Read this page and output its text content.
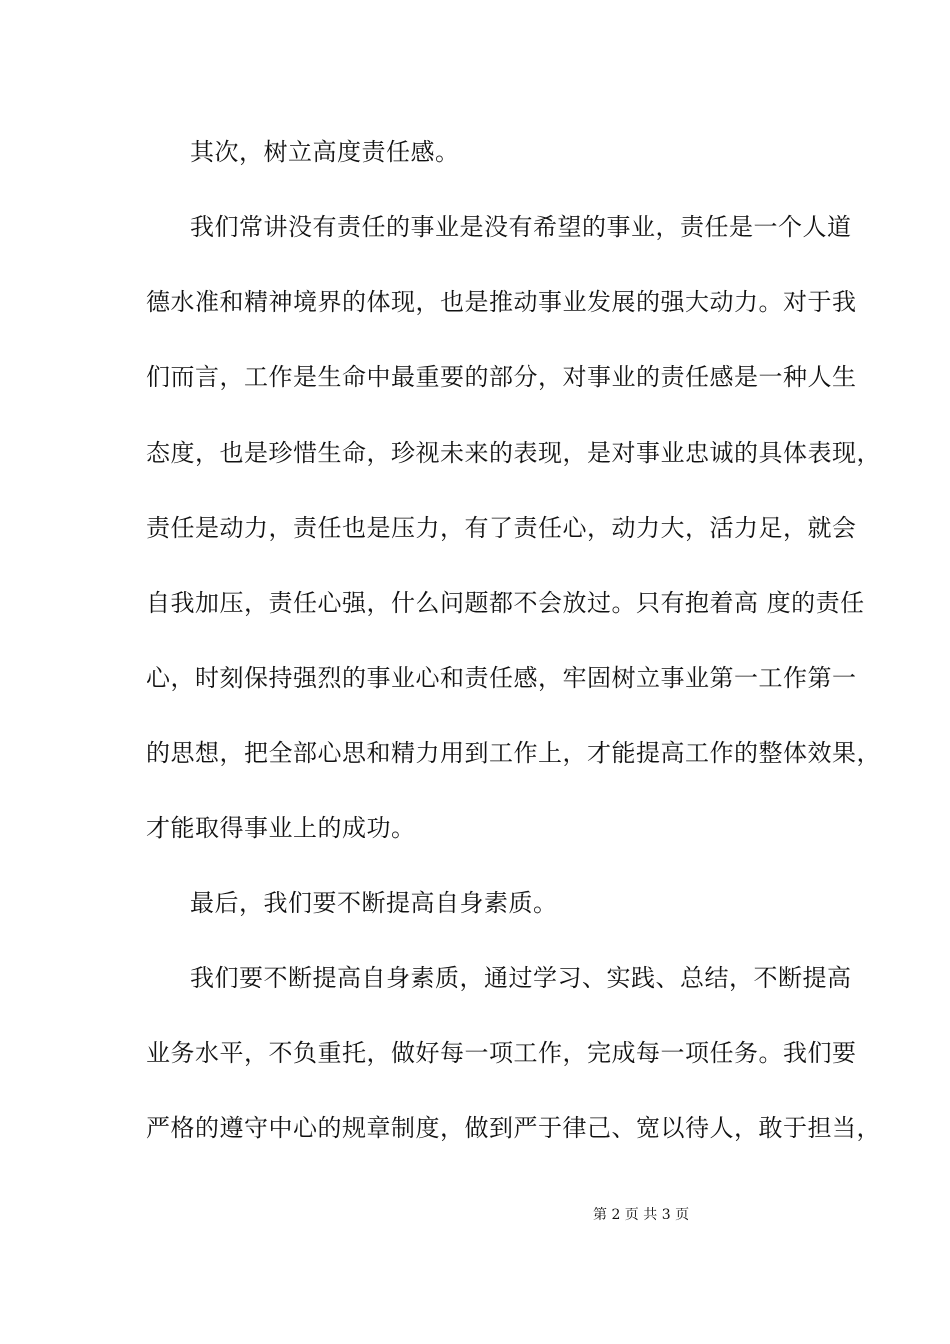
其次，树立高度责任感。
我们常讲没有责任的事业是没有希望的事业，责任是一个人道
德水准和精神境界的体现，也是推动事业发展的强大动力。对于我
们而言，工作是生命中最重要的部分，对事业的责任感是一种人生
态度，也是珍惜生命，珍视未来的表现，是对事业忠诚的具体表现，
责任是动力，责任也是压力，有了责任心，动力大，活力足，就会
自我加压，责任心强，什么问题都不会放过。只有抱着高 度的责任
心，时刻保持强烈的事业心和责任感，牢固树立事业第一工作第一
的思想，把全部心思和精力用到工作上，才能提高工作的整体效果，
才能取得事业上的成功。
最后，我们要不断提高自身素质。
我们要不断提高自身素质，通过学习、实践、总结，不断提高
业务水平，不负重托，做好每一项工作，完成每一项任务。我们要
严格的遵守中心的规章制度，做到严于律己、宽以待人，敢于担当，
第 2 页 共 3 页
